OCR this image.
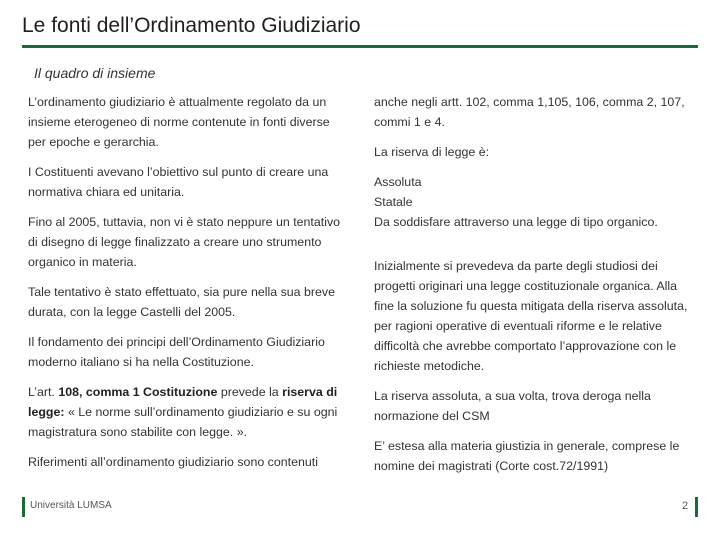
Le fonti dell’Ordinamento Giudiziario
Il quadro di insieme

L’ordinamento giudiziario è attualmente regolato da un insieme eterogeneo di norme contenute in fonti diverse per epoche e gerarchia.

I Costituenti avevano l’obiettivo sul punto di creare una normativa chiara ed unitaria.

Fino al 2005, tuttavia, non vi è stato neppure un tentativo di disegno di legge finalizzato a creare uno strumento organico in materia.

Tale tentativo è stato effettuato, sia pure nella sua breve durata, con la legge Castelli del 2005.

Il fondamento dei principi dell’Ordinamento Giudiziario moderno italiano si ha nella Costituzione.

L’art. 108, comma 1 Costituzione prevede la riserva di legge: « Le norme sull’ordinamento giudiziario e su ogni magistratura sono stabilite con legge. ».

Riferimenti all’ordinamento giudiziario sono contenuti

anche negli artt. 102, comma 1,105, 106, comma 2, 107, commi 1 e 4.

La riserva di legge è:

Assoluta

Statale

Da soddisfare attraverso una legge di tipo organico.

Inizialmente si prevedeva da parte degli studiosi dei progetti originari una legge costituzionale organica. Alla fine la soluzione fu questa mitigata della riserva assoluta, per ragioni operative di eventuali riforme e le relative difficoltà che avrebbe comportato l’approvazione con le richieste metodiche.

La riserva assoluta, a sua volta, trova deroga nella normazione del CSM

E’ estesa alla materia giustizia in generale, comprese le nomine dei magistrati (Corte cost.72/1991)

Università LUMSA	2
